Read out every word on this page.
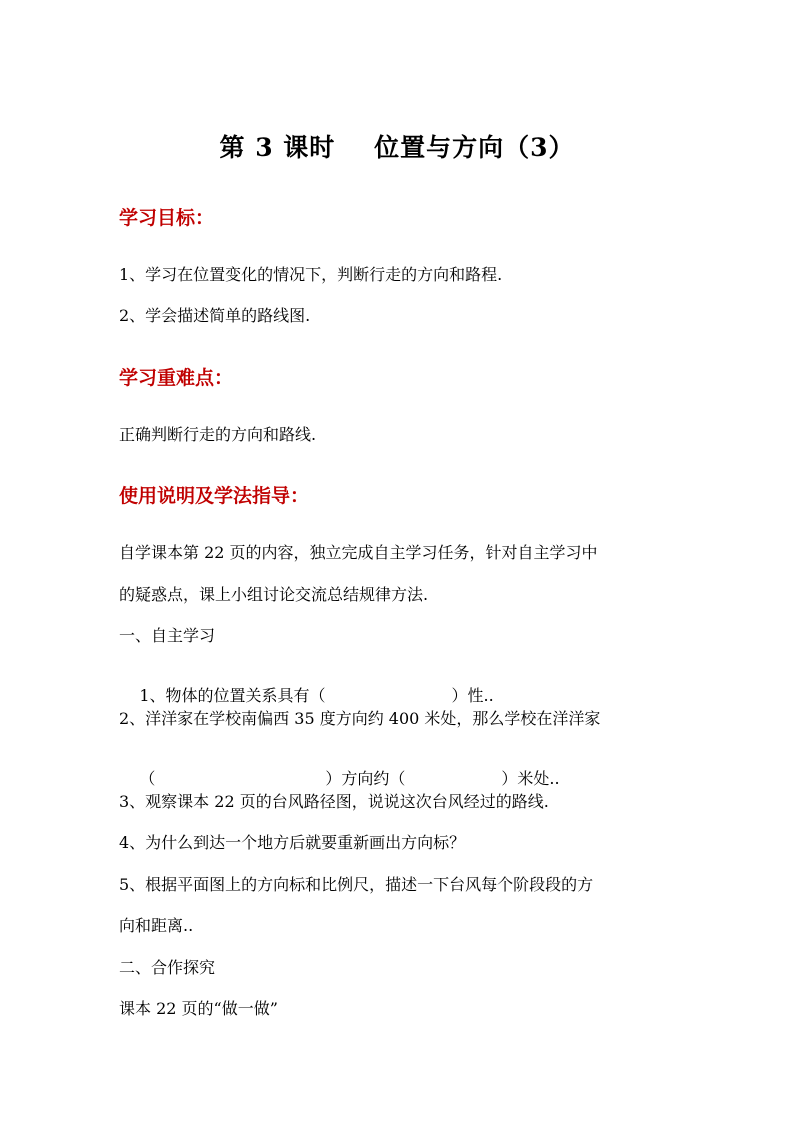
第 3 课时    位置与方向（3）
学习目标：
1、学习在位置变化的情况下，判断行走的方向和路程.
2、学会描述简单的路线图.
学习重难点：
正确判断行走的方向和路线.
使用说明及学法指导：
自学课本第 22 页的内容，独立完成自主学习任务，针对自主学习中
的疑惑点，课上小组讨论交流总结规律方法.
一、自主学习

1、物体的位置关系具有（	）性..

2、洋洋家在学校南偏西 35 度方向约 400 米处，那么学校在洋洋家

（	）方向约（	）米处..

3、观察课本 22 页的台风路径图，说说这次台风经过的路线.
4、为什么到达一个地方后就要重新画出方向标？
5、根据平面图上的方向标和比例尺，描述一下台风每个阶段段的方
向和距离..
二、合作探究
课本 22 页的“做一做”
